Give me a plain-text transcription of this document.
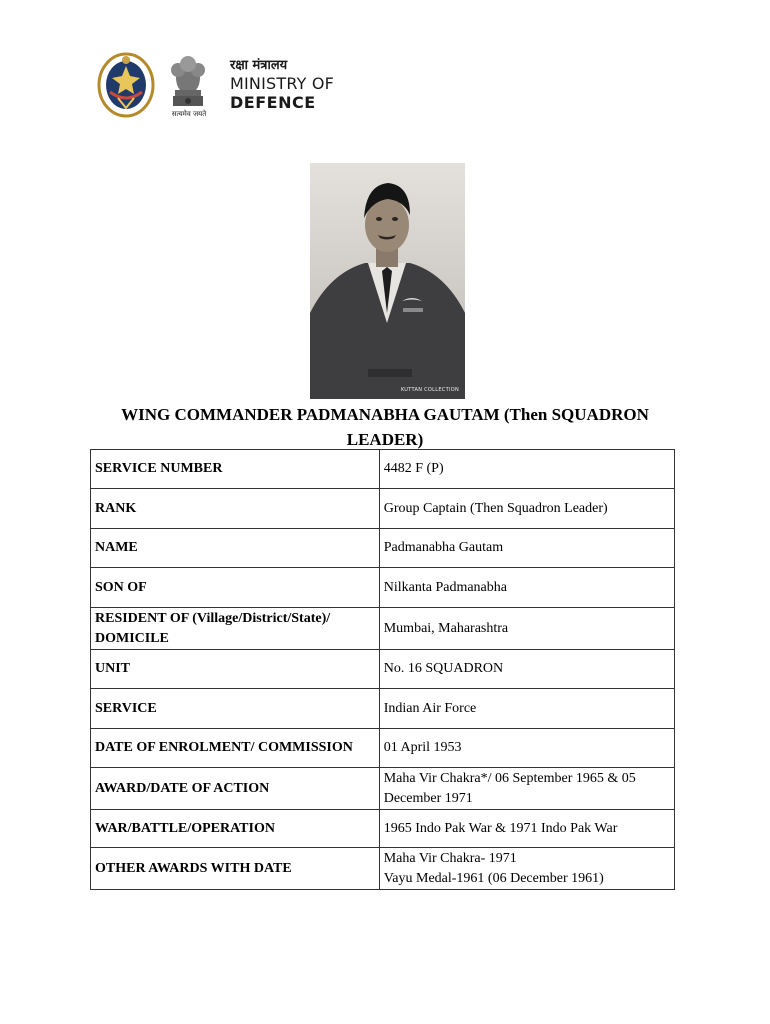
सत्यमेव जयते
रक्षा मंत्रालय
MINISTRY OF
DEFENCE
KUTTAN COLLECTION
WING COMMANDER PADMANABHA GAUTAM (Then SQUADRON LEADER)
SERVICE NUMBER	4482 F (P)
RANK	Group Captain (Then Squadron Leader)
NAME	Padmanabha Gautam
SON OF	Nilkanta Padmanabha
RESIDENT OF (Village/District/State)/ DOMICILE	Mumbai, Maharashtra
UNIT	No. 16 SQUADRON
SERVICE	Indian Air Force
DATE OF ENROLMENT/ COMMISSION	01 April 1953
AWARD/DATE OF ACTION	Maha Vir Chakra*/ 06 September 1965 & 05 December 1971
WAR/BATTLE/OPERATION	1965 Indo Pak War & 1971 Indo Pak War
OTHER AWARDS WITH DATE	Maha Vir Chakra- 1971
Vayu Medal-1961 (06 December 1961)
